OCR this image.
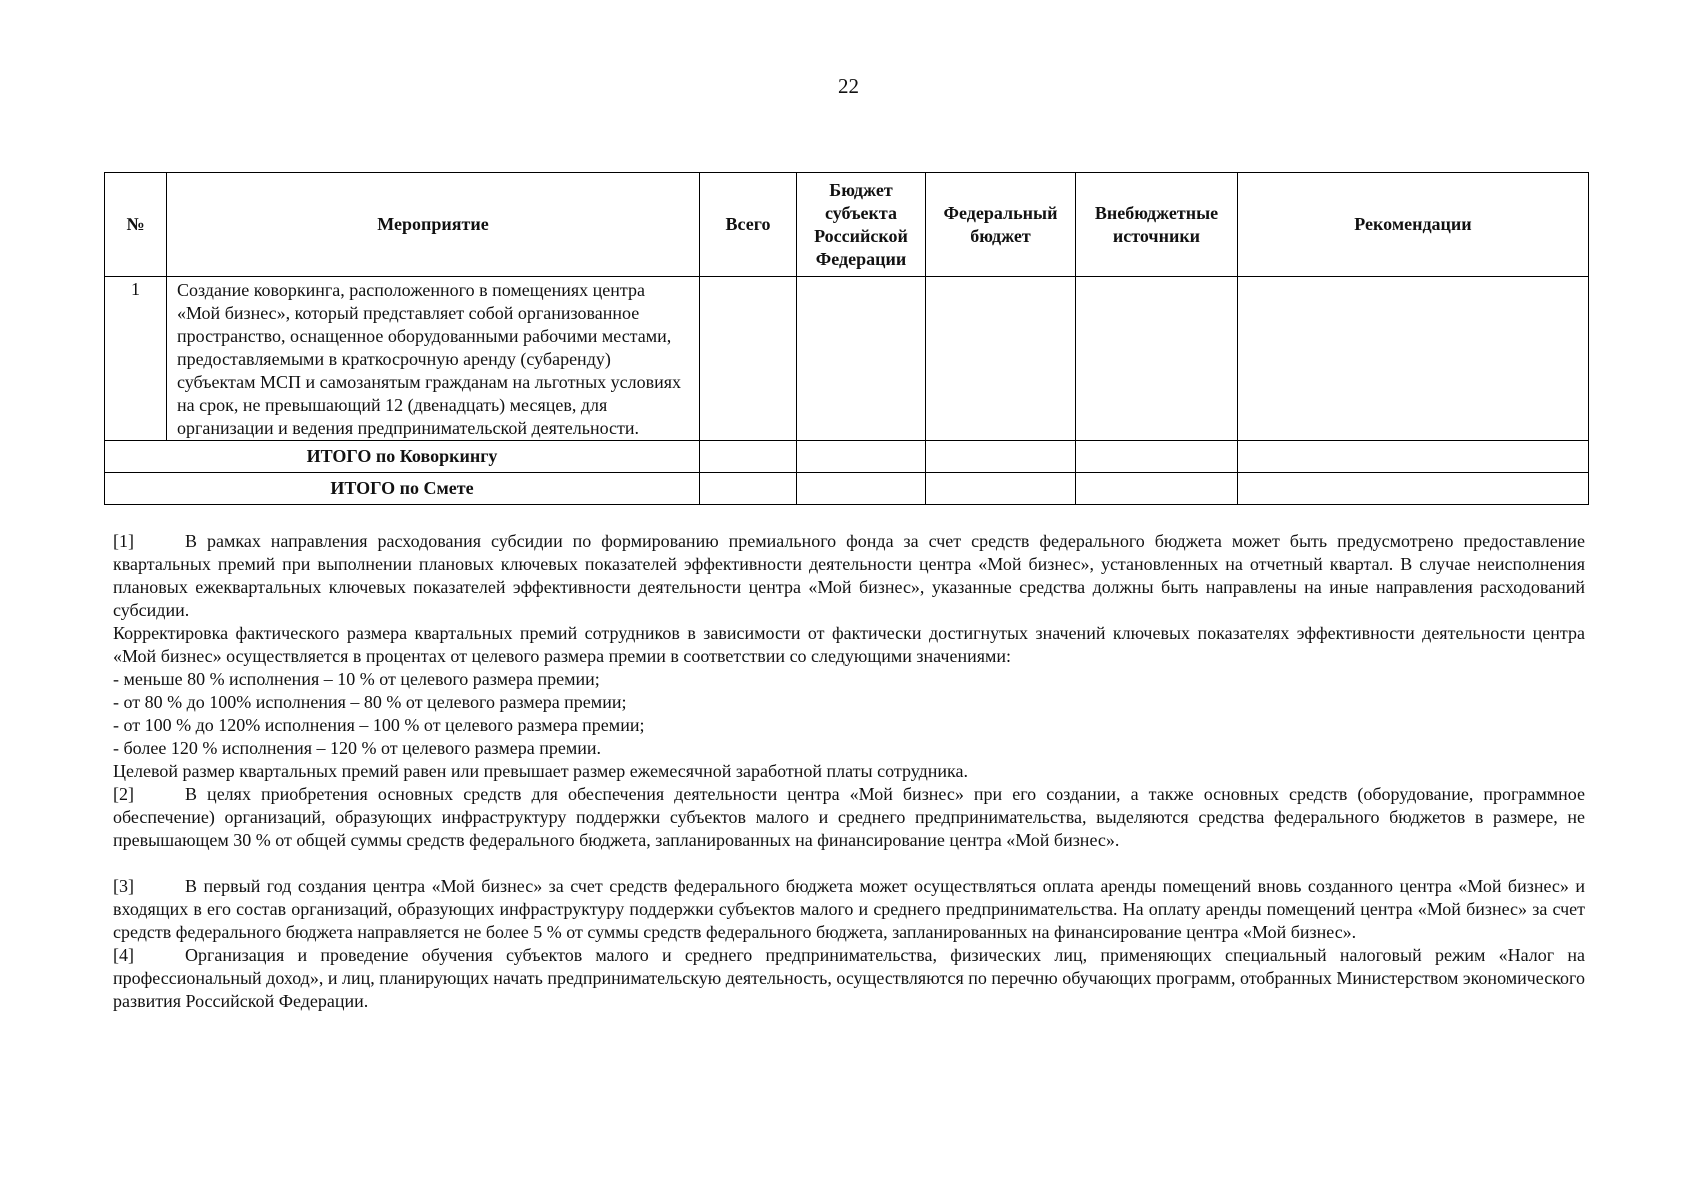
22
№	Мероприятие	Всего	Бюджет субъекта Российской Федерации	Федеральный бюджет	Внебюджетные источники	Рекомендации
1	Создание коворкинга, расположенного в помещениях центра «Мой бизнес», который представляет собой организованное пространство, оснащенное оборудованными рабочими местами, предоставляемыми в краткосрочную аренду (субаренду) субъектам МСП и самозанятым гражданам на льготных условиях на срок, не превышающий 12 (двенадцать) месяцев, для организации и ведения предпринимательской деятельности.					
ИТОГО по Коворкингу						
ИТОГО по Смете						

[1]	В рамках направления расходования субсидии по формированию премиального фонда за счет средств федерального бюджета может быть предусмотрено предоставление квартальных премий при выполнении плановых ключевых показателей эффективности деятельности центра «Мой бизнес», установленных на отчетный квартал. В случае неисполнения плановых ежеквартальных ключевых показателей эффективности деятельности центра «Мой бизнес», указанные средства должны быть направлены на иные направления расходований субсидии.

Корректировка фактического размера квартальных премий сотрудников в зависимости от фактически достигнутых значений ключевых показателях эффективности деятельности центра «Мой бизнес» осуществляется в процентах от целевого размера премии в соответствии со следующими значениями:

- меньше 80 % исполнения – 10 % от целевого размера премии;

- от 80 % до 100% исполнения – 80 % от целевого размера премии;

- от 100 % до 120% исполнения – 100 % от целевого размера премии;

- более 120 % исполнения – 120 % от целевого размера премии.

Целевой размер квартальных премий равен или превышает размер ежемесячной заработной платы сотрудника.

[2]	В целях приобретения основных средств для обеспечения деятельности центра «Мой бизнес» при его создании, а также основных средств (оборудование, программное обеспечение) организаций, образующих инфраструктуру поддержки субъектов малого и среднего предпринимательства, выделяются средства федерального бюджетов в размере, не превышающем 30 % от общей суммы средств федерального бюджета, запланированных на финансирование центра «Мой бизнес».

[3]	В первый год создания центра «Мой бизнес» за счет средств федерального бюджета может осуществляться оплата аренды помещений вновь созданного центра «Мой бизнес» и входящих в его состав организаций, образующих инфраструктуру поддержки субъектов малого и среднего предпринимательства. На оплату аренды помещений центра «Мой бизнес» за счет средств федерального бюджета направляется не более 5 % от суммы средств федерального бюджета, запланированных на финансирование центра «Мой бизнес».

[4]	Организация и проведение обучения субъектов малого и среднего предпринимательства, физических лиц, применяющих специальный налоговый режим «Налог на профессиональный доход», и лиц, планирующих начать предпринимательскую деятельность, осуществляются по перечню обучающих программ, отобранных Министерством экономического развития Российской Федерации.
